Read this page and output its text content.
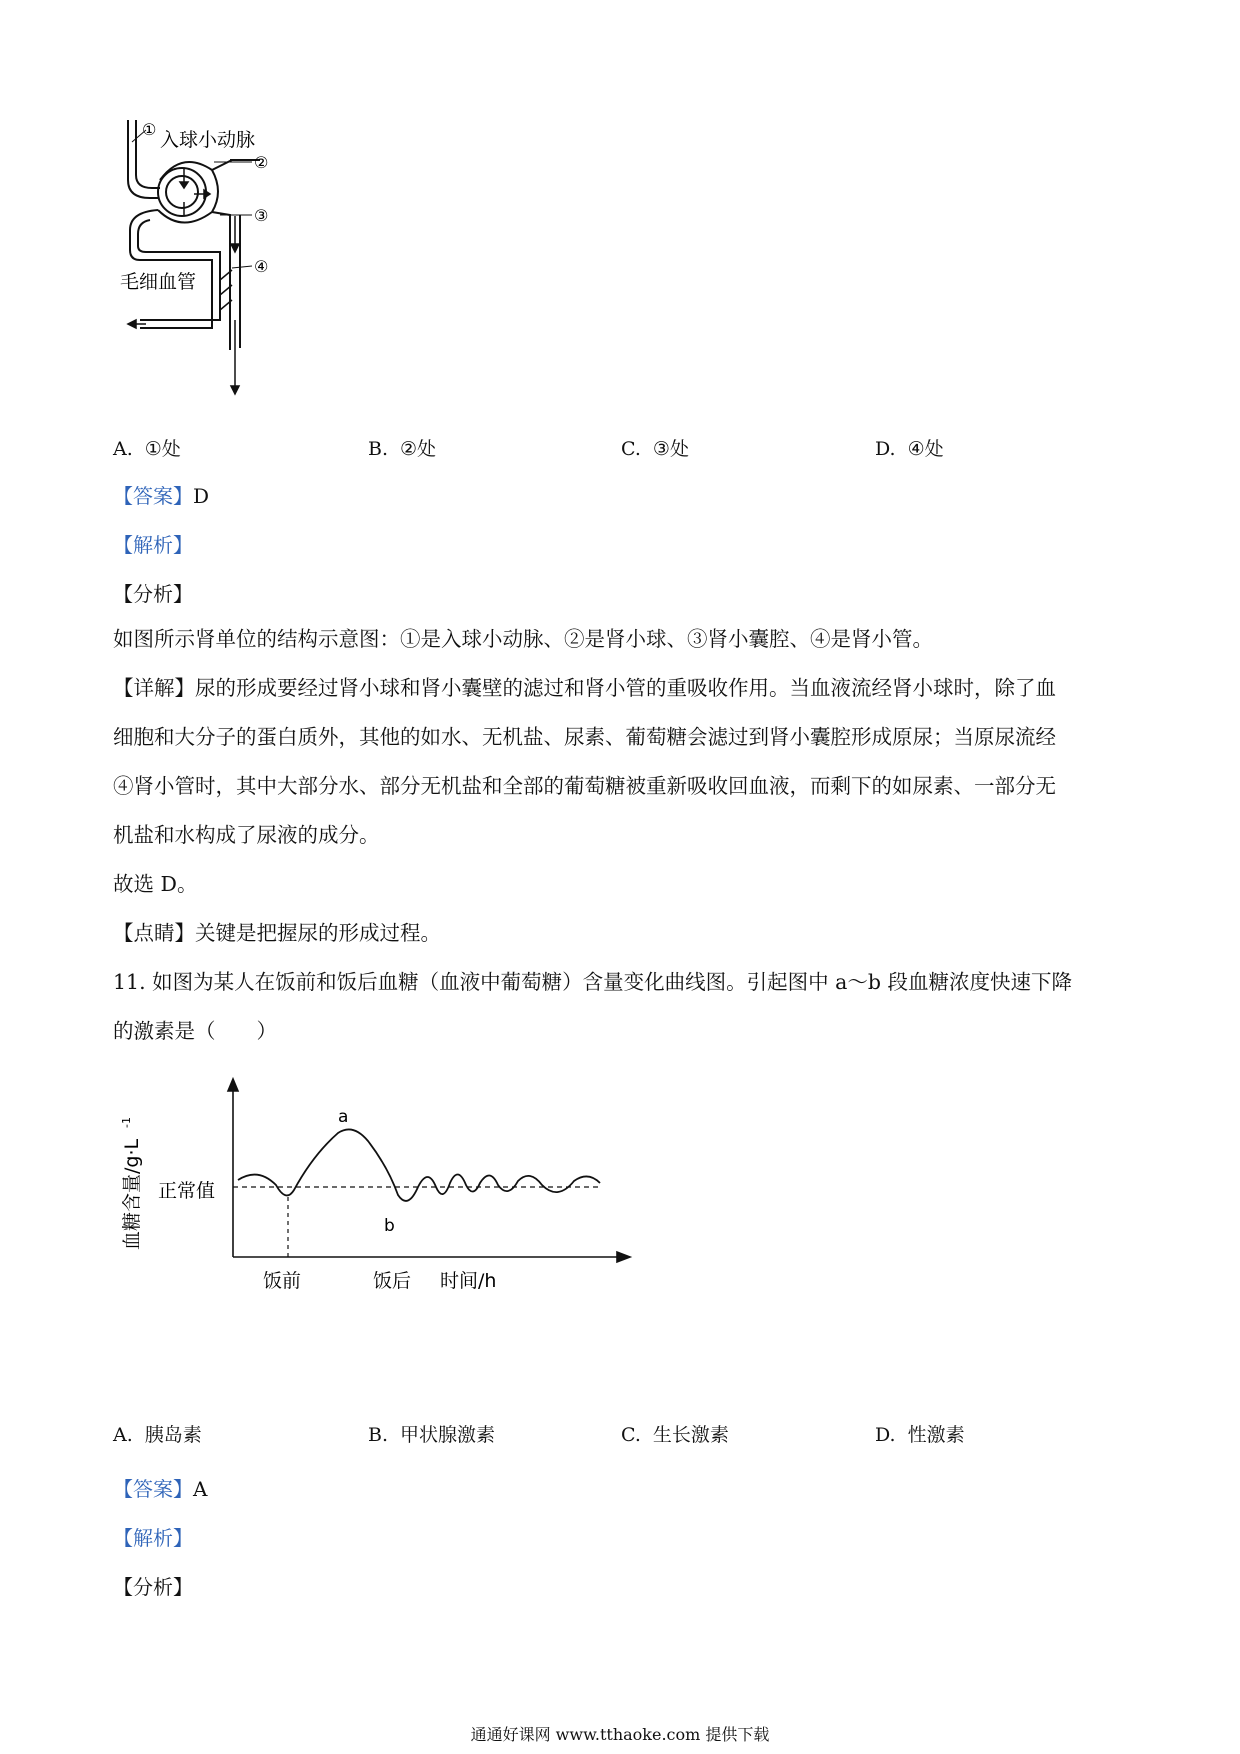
① 入球小动脉
②
③
④
毛细血管
A. ①处	B. ②处	C. ③处	D. ④处
【答案】D
【解析】
【分析】
如图所示肾单位的结构示意图：①是入球小动脉、②是肾小球、③肾小囊腔、④是肾小管。
【详解】尿的形成要经过肾小球和肾小囊壁的滤过和肾小管的重吸收作用。当血液流经肾小球时，除了血
细胞和大分子的蛋白质外，其他的如水、无机盐、尿素、葡萄糖会滤过到肾小囊腔形成原尿；当原尿流经
④肾小管时，其中大部分水、部分无机盐和全部的葡萄糖被重新吸收回血液，而剩下的如尿素、一部分无
机盐和水构成了尿液的成分。
故选 D。
【点睛】关键是把握尿的形成过程。
11. 如图为某人在饭前和饭后血糖（血液中葡萄糖）含量变化曲线图。引起图中 a～b 段血糖浓度快速下降
的激素是（　　）
血糖含量/g·L
-1
正常值
a
b
饭前	饭后 时间/h
A. 胰岛素	B. 甲状腺激素	C. 生长激素	D. 性激素
【答案】A
【解析】
【分析】
通通好课网 www.tthaoke.com 提供下载
